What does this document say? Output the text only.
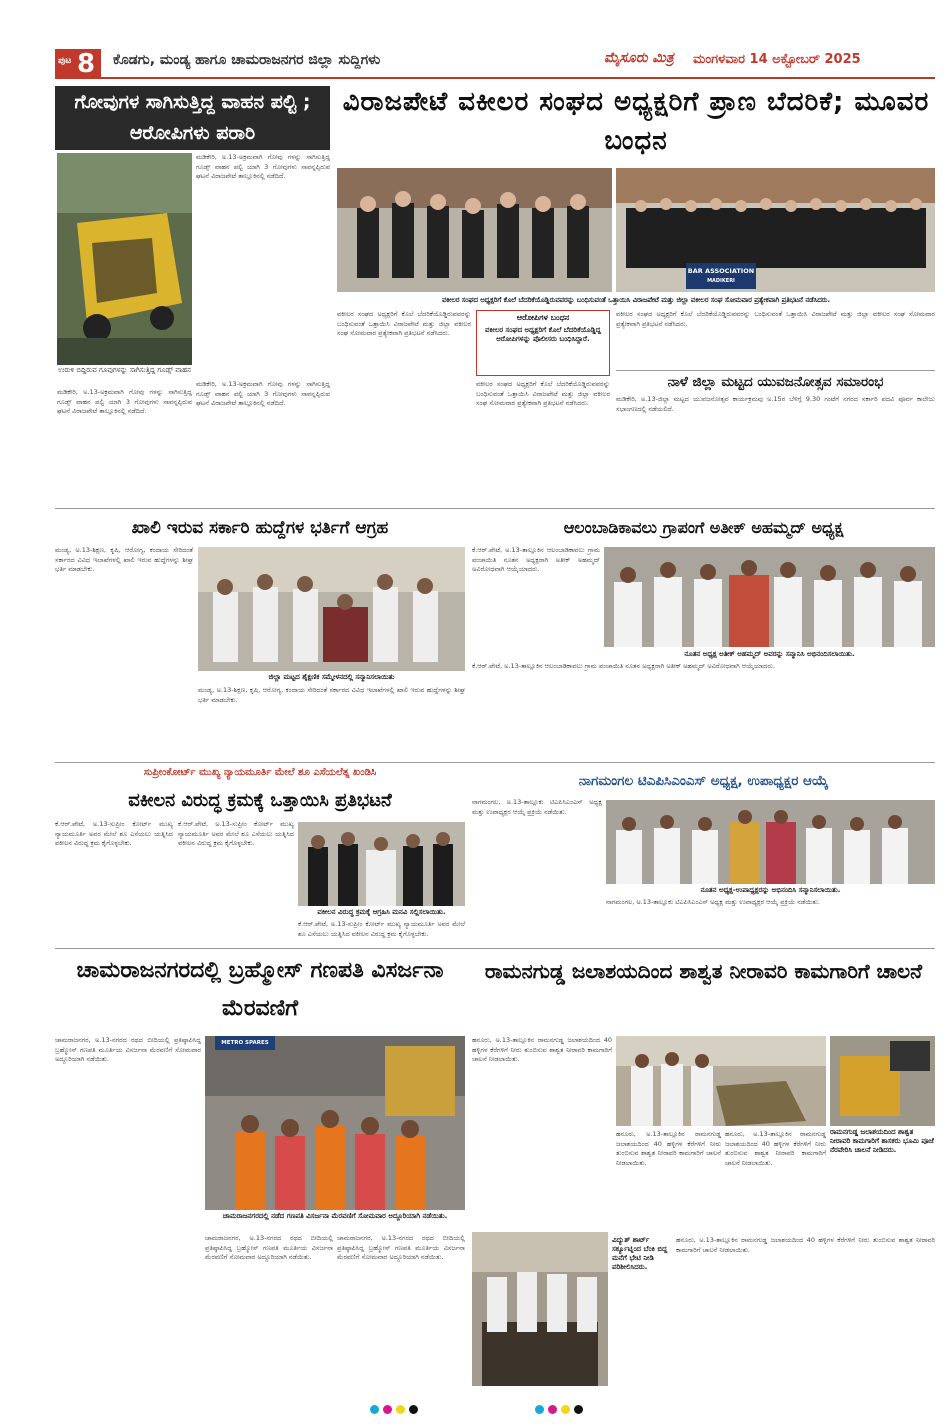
ಪುಟ 8 ಕೊಡಗು, ಮಂಡ್ಯ ಹಾಗೂ ಚಾಮರಾಜನಗರ ಜಿಲ್ಲಾ ಸುದ್ದಿಗಳು	ಮೈಸೂರು ಮಿತ್ರ ಮಂಗಳವಾರ 14 ಅಕ್ಟೋಬರ್ 2025
ಗೋವುಗಳ ಸಾಗಿಸುತ್ತಿದ್ದ ವಾಹನ ಪಲ್ಟಿ ; ಆರೋಪಿಗಳು ಪರಾರಿ
ಉರುಳಿ ಬಿದ್ದಿರುವ ಗೂವುಗಳನ್ನು ಸಾಗಿಸುತ್ತಿದ್ದ ಗೂಡ್ಸ್ ವಾಹನ
ಮಡಿಕೇರಿ, ಅ.13-ಅಕ್ರಮವಾಗಿ ಗೋವು ಗಳನ್ನು ಸಾಗಿಸುತ್ತಿದ್ದ ಗೂಡ್ಸ್ ವಾಹನ ಪಲ್ಟಿ ಯಾಗಿ 3 ಗೋವುಗಳು ಸಾವನ್ನಪ್ಪಿರುವ ಘಟನೆ ವಿರಾಜಪೇಟೆ ತಾಲ್ಲೂಕಿನಲ್ಲಿ ನಡೆದಿದೆ.
ಮಡಿಕೇರಿ, ಅ.13-ಅಕ್ರಮವಾಗಿ ಗೋವು ಗಳನ್ನು ಸಾಗಿಸುತ್ತಿದ್ದ ಗೂಡ್ಸ್ ವಾಹನ ಪಲ್ಟಿ ಯಾಗಿ 3 ಗೋವುಗಳು ಸಾವನ್ನಪ್ಪಿರುವ ಘಟನೆ ವಿರಾಜಪೇಟೆ ತಾಲ್ಲೂಕಿನಲ್ಲಿ ನಡೆದಿದೆ.
ಮಡಿಕೇರಿ, ಅ.13-ಅಕ್ರಮವಾಗಿ ಗೋವು ಗಳನ್ನು ಸಾಗಿಸುತ್ತಿದ್ದ ಗೂಡ್ಸ್ ವಾಹನ ಪಲ್ಟಿ ಯಾಗಿ 3 ಗೋವುಗಳು ಸಾವನ್ನಪ್ಪಿರುವ ಘಟನೆ ವಿರಾಜಪೇಟೆ ತಾಲ್ಲೂಕಿನಲ್ಲಿ ನಡೆದಿದೆ.
ವಿರಾಜಪೇಟೆ ವಕೀಲರ ಸಂಘದ ಅಧ್ಯಕ್ಷರಿಗೆ ಪ್ರಾಣ ಬೆದರಿಕೆ; ಮೂವರ ಬಂಧನ
BAR ASSOCIATION
MADIKERI
ವಕೀಲರ ಸಂಘದ ಅಧ್ಯಕ್ಷರಿಗೆ ಕೊಲೆ ಬೆದರಿಕೆಯೊಡ್ಡಿರುವವರನ್ನು ಬಂಧಿಸುವಂತೆ ಒತ್ತಾಯಿಸಿ ವಿರಾಜಪೇಟೆ ಮತ್ತು ಜಿಲ್ಲಾ ವಕೀಲರ ಸಂಘ ಸೋಮವಾರ ಪ್ರತ್ಯೇಕವಾಗಿ ಪ್ರತಿಭಟನೆ ನಡೆಸಿದರು.
ವಕೀಲರ ಸಂಘದ ಅಧ್ಯಕ್ಷರಿಗೆ ಕೊಲೆ ಬೆದರಿಕೆಯೊಡ್ಡಿರುವವರನ್ನು ಬಂಧಿಸುವಂತೆ ಒತ್ತಾಯಿಸಿ ವಿರಾಜಪೇಟೆ ಮತ್ತು ಜಿಲ್ಲಾ ವಕೀಲರ ಸಂಘ ಸೋಮವಾರ ಪ್ರತ್ಯೇಕವಾಗಿ ಪ್ರತಿಭಟನೆ ನಡೆಸಿದರು.
ಆರೋಪಿಗಳ ಬಂಧನ
ವಕೀಲರ ಸಂಘದ ಅಧ್ಯಕ್ಷರಿಗೆ ಕೊಲೆ ಬೆದರಿಕೆಯೊಡ್ಡಿದ್ದ ಆರೋಪಿಗಳನ್ನು ಪೊಲೀಸರು ಬಂಧಿಸಿದ್ದಾರೆ.
ವಕೀಲರ ಸಂಘದ ಅಧ್ಯಕ್ಷರಿಗೆ ಕೊಲೆ ಬೆದರಿಕೆಯೊಡ್ಡಿರುವವರನ್ನು ಬಂಧಿಸುವಂತೆ ಒತ್ತಾಯಿಸಿ ವಿರಾಜಪೇಟೆ ಮತ್ತು ಜಿಲ್ಲಾ ವಕೀಲರ ಸಂಘ ಸೋಮವಾರ ಪ್ರತ್ಯೇಕವಾಗಿ ಪ್ರತಿಭಟನೆ ನಡೆಸಿದರು.
ವಕೀಲರ ಸಂಘದ ಅಧ್ಯಕ್ಷರಿಗೆ ಕೊಲೆ ಬೆದರಿಕೆಯೊಡ್ಡಿರುವವರನ್ನು ಬಂಧಿಸುವಂತೆ ಒತ್ತಾಯಿಸಿ ವಿರಾಜಪೇಟೆ ಮತ್ತು ಜಿಲ್ಲಾ ವಕೀಲರ ಸಂಘ ಸೋಮವಾರ ಪ್ರತ್ಯೇಕವಾಗಿ ಪ್ರತಿಭಟನೆ ನಡೆಸಿದರು.
ನಾಳೆ ಜಿಲ್ಲಾ ಮಟ್ಟದ ಯುವಜನೋತ್ಸವ ಸಮಾರಂಭ
ಮಡಿಕೇರಿ, ಅ.13-ಜಿಲ್ಲಾ ಮಟ್ಟದ ಯುವಜನೋತ್ಸವ ಕಾರ್ಯಕ್ರಮವು ಅ.15ರ ಬೆಳಿಗ್ಗೆ 9.30 ಗಂಟೆಗೆ ನಗರದ ಸರ್ಕಾರಿ ಪದವಿ ಪೂರ್ವ ಕಾಲೇಜು ಸಭಾಂಗಣದಲ್ಲಿ ನಡೆಯಲಿದೆ.
ಖಾಲಿ ಇರುವ ಸರ್ಕಾರಿ ಹುದ್ದೆಗಳ ಭರ್ತಿಗೆ ಆಗ್ರಹ
ಮಂಡ್ಯ, ಅ.13-ಶಿಕ್ಷಣ, ಕೃಷಿ, ಆರೋಗ್ಯ, ಕಂದಾಯ ಸೇರಿದಂತೆ ಸರ್ಕಾರದ ವಿವಿಧ ಇಲಾಖೆಗಳಲ್ಲಿ ಖಾಲಿ ಇರುವ ಹುದ್ದೆಗಳನ್ನು ಶೀಘ್ರ ಭರ್ತಿ ಮಾಡಬೇಕು.
ಜಿಲ್ಲಾ ಮಟ್ಟದ ಶೈಕ್ಷಣಿಕ ಸಮ್ಮೇಳನದಲ್ಲಿ ಸನ್ಮಾನಿಸಲಾಯಿತು
ಮಂಡ್ಯ, ಅ.13-ಶಿಕ್ಷಣ, ಕೃಷಿ, ಆರೋಗ್ಯ, ಕಂದಾಯ ಸೇರಿದಂತೆ ಸರ್ಕಾರದ ವಿವಿಧ ಇಲಾಖೆಗಳಲ್ಲಿ ಖಾಲಿ ಇರುವ ಹುದ್ದೆಗಳನ್ನು ಶೀಘ್ರ ಭರ್ತಿ ಮಾಡಬೇಕು.
ಆಲಂಬಾಡಿಕಾವಲು ಗ್ರಾಪಂಗೆ ಅತೀಕ್ ಅಹಮ್ಮದ್ ಅಧ್ಯಕ್ಷ
ಕೆ.ಆರ್.ಪೇಟೆ, ಅ.13-ತಾಲ್ಲೂಕಿನ ಆಲಂಬಾಡಿಕಾವಲು ಗ್ರಾಮ ಪಂಚಾಯಿತಿ ನೂತನ ಅಧ್ಯಕ್ಷರಾಗಿ ಅತೀಕ್ ಅಹಮ್ಮದ್ ಅವಿರೋಧವಾಗಿ ಆಯ್ಕೆಯಾದರು.
ನೂತನ ಅಧ್ಯಕ್ಷ ಅತೀಕ್ ಅಹಮ್ಮದ್ ಅವರನ್ನು ಸನ್ಮಾನಿಸಿ ಅಭಿನಂದಿಸಲಾಯಿತು.
ಕೆ.ಆರ್.ಪೇಟೆ, ಅ.13-ತಾಲ್ಲೂಕಿನ ಆಲಂಬಾಡಿಕಾವಲು ಗ್ರಾಮ ಪಂಚಾಯಿತಿ ನೂತನ ಅಧ್ಯಕ್ಷರಾಗಿ ಅತೀಕ್ ಅಹಮ್ಮದ್ ಅವಿರೋಧವಾಗಿ ಆಯ್ಕೆಯಾದರು.
ಸುಪ್ರೀಂಕೋರ್ಟ್ ಮುಖ್ಯ ನ್ಯಾಯಮೂರ್ತಿ ಮೇಲೆ ಶೂ ಎಸೆಯಲೆತ್ನ ಖಂಡಿಸಿ
ವಕೀಲನ ವಿರುದ್ಧ ಕ್ರಮಕ್ಕೆ ಒತ್ತಾಯಿಸಿ ಪ್ರತಿಭಟನೆ
ಕೆ.ಆರ್.ಪೇಟೆ, ಅ.13-ಸುಪ್ರೀಂ ಕೋರ್ಟ್ ಮುಖ್ಯ ನ್ಯಾಯಮೂರ್ತಿ ಅವರ ಮೇಲೆ ಶೂ ಎಸೆಯಲು ಯತ್ನಿಸಿದ ವಕೀಲನ ವಿರುದ್ಧ ಕ್ರಮ ಕೈಗೊಳ್ಳಬೇಕು.
ವಕೀಲನ ವಿರುದ್ಧ ಕ್ರಮಕ್ಕೆ ಆಗ್ರಹಿಸಿ ಮನವಿ ಸಲ್ಲಿಸಲಾಯಿತು.
ಕೆ.ಆರ್.ಪೇಟೆ, ಅ.13-ಸುಪ್ರೀಂ ಕೋರ್ಟ್ ಮುಖ್ಯ ನ್ಯಾಯಮೂರ್ತಿ ಅವರ ಮೇಲೆ ಶೂ ಎಸೆಯಲು ಯತ್ನಿಸಿದ ವಕೀಲನ ವಿರುದ್ಧ ಕ್ರಮ ಕೈಗೊಳ್ಳಬೇಕು.
ಕೆ.ಆರ್.ಪೇಟೆ, ಅ.13-ಸುಪ್ರೀಂ ಕೋರ್ಟ್ ಮುಖ್ಯ ನ್ಯಾಯಮೂರ್ತಿ ಅವರ ಮೇಲೆ ಶೂ ಎಸೆಯಲು ಯತ್ನಿಸಿದ ವಕೀಲನ ವಿರುದ್ಧ ಕ್ರಮ ಕೈಗೊಳ್ಳಬೇಕು.
ನಾಗಮಂಗಲ ಟಿಎಪಿಸಿಎಂಎಸ್ ಅಧ್ಯಕ್ಷ, ಉಪಾಧ್ಯಕ್ಷರ ಆಯ್ಕೆ
ನಾಗಮಂಗಲ, ಅ.13-ತಾಲ್ಲೂಕು ಟಿಎಪಿಸಿಎಂಎಸ್ ಅಧ್ಯಕ್ಷ ಮತ್ತು ಉಪಾಧ್ಯಕ್ಷರ ಆಯ್ಕೆ ಪ್ರಕ್ರಿಯೆ ನಡೆಯಿತು.
ನೂತನ ಅಧ್ಯಕ್ಷ-ಉಪಾಧ್ಯಕ್ಷರನ್ನು ಅಭಿನಂದಿಸಿ ಸನ್ಮಾನಿಸಲಾಯಿತು.
ನಾಗಮಂಗಲ, ಅ.13-ತಾಲ್ಲೂಕು ಟಿಎಪಿಸಿಎಂಎಸ್ ಅಧ್ಯಕ್ಷ ಮತ್ತು ಉಪಾಧ್ಯಕ್ಷರ ಆಯ್ಕೆ ಪ್ರಕ್ರಿಯೆ ನಡೆಯಿತು.
ಚಾಮರಾಜನಗರದಲ್ಲಿ ಬ್ರಹ್ಮೋಸ್ ಗಣಪತಿ ವಿಸರ್ಜನಾ ಮೆರವಣಿಗೆ
ಚಾಮರಾಜನಗರ, ಅ.13-ನಗರದ ರಥದ ಬೀದಿಯಲ್ಲಿ ಪ್ರತಿಷ್ಠಾಪಿಸಿದ್ದ ಬ್ರಹ್ಮೋಸ್ ಗಣಪತಿ ಮೂರ್ತಿಯ ವಿಸರ್ಜನಾ ಮೆರವಣಿಗೆ ಸೋಮವಾರ ಅದ್ದೂರಿಯಾಗಿ ನಡೆಯಿತು.
METRO SPARES
ಚಾಮರಾಜನಗರದಲ್ಲಿ ನಡೆದ ಗಣಪತಿ ವಿಸರ್ಜನಾ ಮೆರವಣಿಗೆ ಸೋಮವಾರ ಅದ್ದೂರಿಯಾಗಿ ನಡೆಯಿತು.
ಚಾಮರಾಜನಗರ, ಅ.13-ನಗರದ ರಥದ ಬೀದಿಯಲ್ಲಿ ಪ್ರತಿಷ್ಠಾಪಿಸಿದ್ದ ಬ್ರಹ್ಮೋಸ್ ಗಣಪತಿ ಮೂರ್ತಿಯ ವಿಸರ್ಜನಾ ಮೆರವಣಿಗೆ ಸೋಮವಾರ ಅದ್ದೂರಿಯಾಗಿ ನಡೆಯಿತು.
ಚಾಮರಾಜನಗರ, ಅ.13-ನಗರದ ರಥದ ಬೀದಿಯಲ್ಲಿ ಪ್ರತಿಷ್ಠಾಪಿಸಿದ್ದ ಬ್ರಹ್ಮೋಸ್ ಗಣಪತಿ ಮೂರ್ತಿಯ ವಿಸರ್ಜನಾ ಮೆರವಣಿಗೆ ಸೋಮವಾರ ಅದ್ದೂರಿಯಾಗಿ ನಡೆಯಿತು.
ರಾಮನಗುಡ್ಡ ಜಲಾಶಯದಿಂದ ಶಾಶ್ವತ ನೀರಾವರಿ ಕಾಮಗಾರಿಗೆ ಚಾಲನೆ
ಹನೂರು, ಅ.13-ತಾಲ್ಲೂಕಿನ ರಾಮನಗುಡ್ಡ ಜಲಾಶಯದಿಂದ 40 ಹಳ್ಳಿಗಳ ಕೆರೆಗಳಿಗೆ ನೀರು ತುಂಬಿಸುವ ಶಾಶ್ವತ ನೀರಾವರಿ ಕಾಮಗಾರಿಗೆ ಚಾಲನೆ ನೀಡಲಾಯಿತು.
ರಾಮನಗುಡ್ಡ ಜಲಾಶಯದಿಂದ ಶಾಶ್ವತ ನೀರಾವರಿ ಕಾಮಗಾರಿಗೆ ಶಾಸಕರು ಭೂಮಿ ಪೂಜೆ ನೆರವೇರಿಸಿ ಚಾಲನೆ ನೀಡಿದರು.
ಹನೂರು, ಅ.13-ತಾಲ್ಲೂಕಿನ ರಾಮನಗುಡ್ಡ ಜಲಾಶಯದಿಂದ 40 ಹಳ್ಳಿಗಳ ಕೆರೆಗಳಿಗೆ ನೀರು ತುಂಬಿಸುವ ಶಾಶ್ವತ ನೀರಾವರಿ ಕಾಮಗಾರಿಗೆ ಚಾಲನೆ ನೀಡಲಾಯಿತು.
ಹನೂರು, ಅ.13-ತಾಲ್ಲೂಕಿನ ರಾಮನಗುಡ್ಡ ಜಲಾಶಯದಿಂದ 40 ಹಳ್ಳಿಗಳ ಕೆರೆಗಳಿಗೆ ನೀರು ತುಂಬಿಸುವ ಶಾಶ್ವತ ನೀರಾವರಿ ಕಾಮಗಾರಿಗೆ ಚಾಲನೆ ನೀಡಲಾಯಿತು.
ವಿದ್ಯುತ್ ಶಾರ್ಟ್ ಸರ್ಕ್ಯೂಟ್ನಿಂದ ಬೆಂಕಿ ಬಿದ್ದ ಮನೆಗೆ ಭೇಟಿ ನೀಡಿ ಪರಿಶೀಲಿಸಿದರು.
ಹನೂರು, ಅ.13-ತಾಲ್ಲೂಕಿನ ರಾಮನಗುಡ್ಡ ಜಲಾಶಯದಿಂದ 40 ಹಳ್ಳಿಗಳ ಕೆರೆಗಳಿಗೆ ನೀರು ತುಂಬಿಸುವ ಶಾಶ್ವತ ನೀರಾವರಿ ಕಾಮಗಾರಿಗೆ ಚಾಲನೆ ನೀಡಲಾಯಿತು.
